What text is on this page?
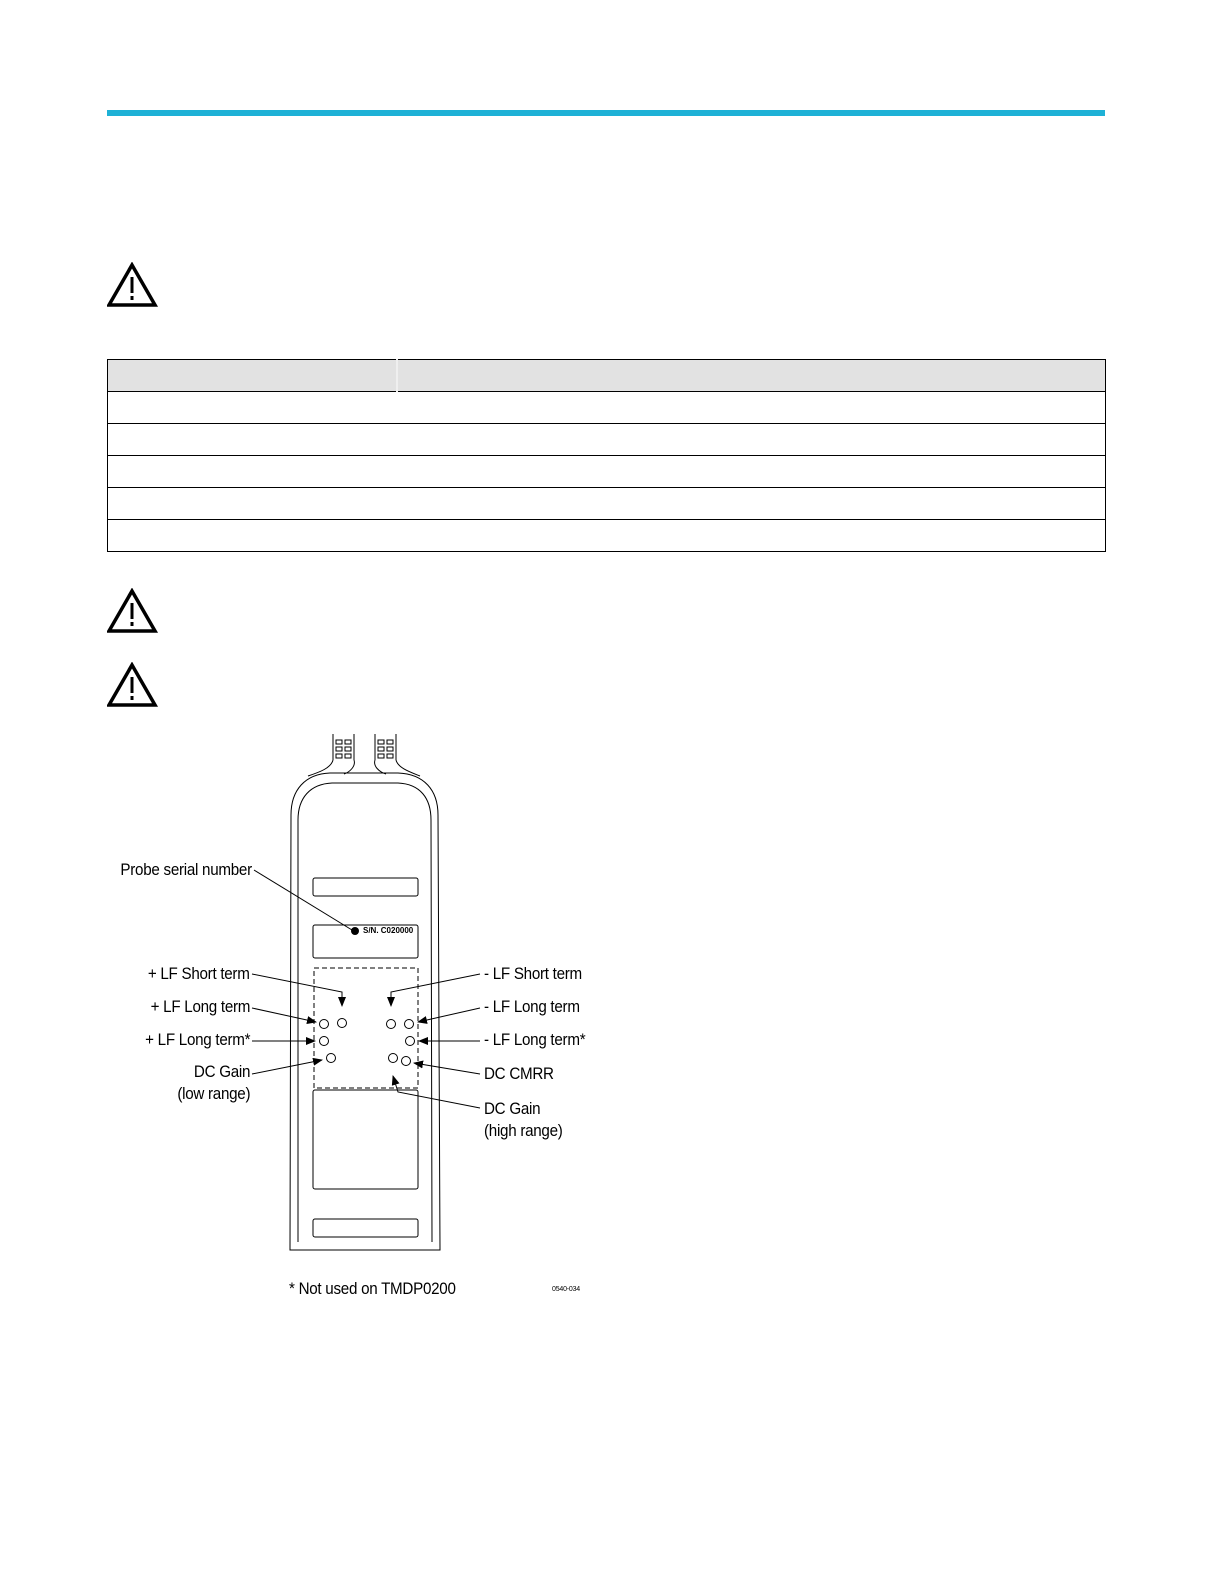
Probe serial number
S/N. C020000
+ LF Short term
+ LF Long term
+ LF Long term*
DC Gain
(low range)
- LF Short term
- LF Long term
- LF Long term*
DC CMRR
DC Gain
(high range)
* Not used on TMDP0200	0540-034
